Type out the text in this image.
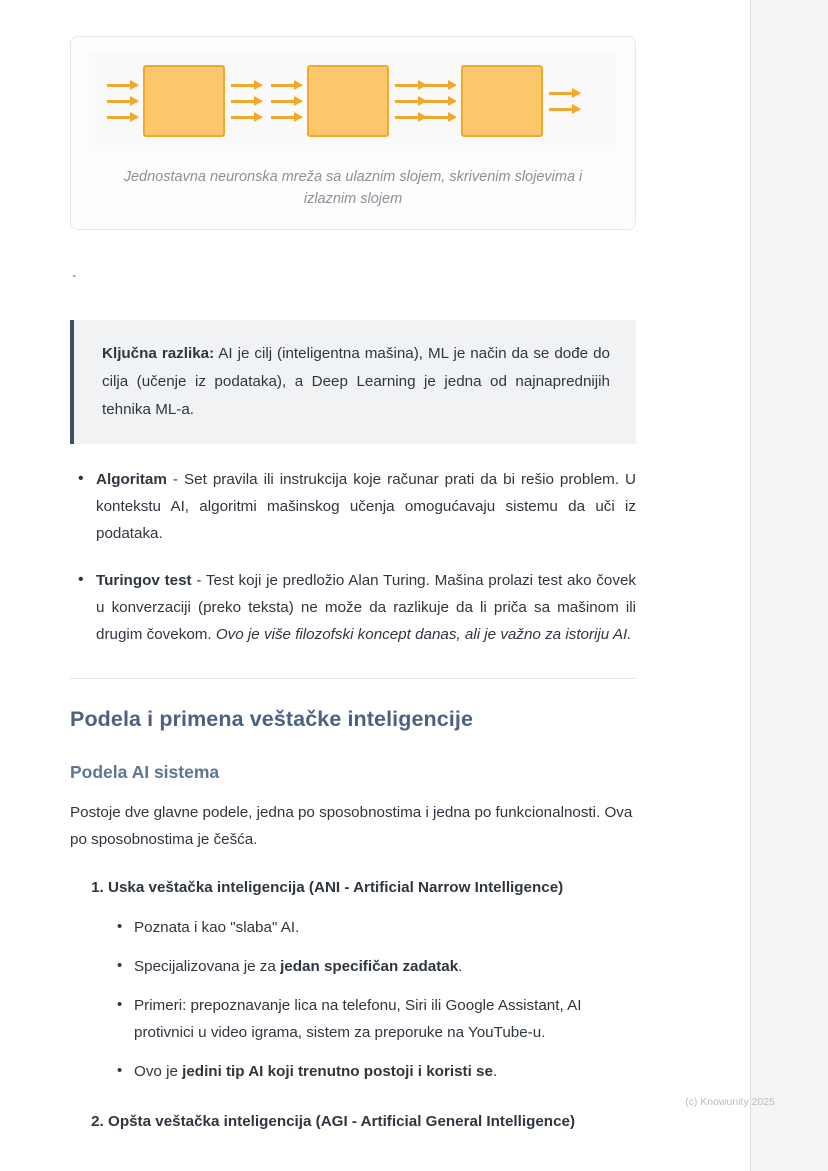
Jednostavna neuronska mreža sa ulaznim slojem, skrivenim slojevima i izlaznim slojem
`

Ključna razlika: AI je cilj (inteligentna mašina), ML je način da se dođe do cilja (učenje iz podataka), a Deep Learning je jedna od najnaprednijih tehnika ML-a.

• Algoritam - Set pravila ili instrukcija koje računar prati da bi rešio problem. U kontekstu AI, algoritmi mašinskog učenja omogućavaju sistemu da uči iz podataka.
• Turingov test - Test koji je predložio Alan Turing. Mašina prolazi test ako čovek u konverzaciji (preko teksta) ne može da razlikuje da li priča sa mašinom ili drugim čovekom. Ovo je više filozofski koncept danas, ali je važno za istoriju AI.
Podela i primena veštačke inteligencije
Podela AI sistema

Postoje dve glavne podele, jedna po sposobnostima i jedna po funkcionalnosti. Ova po sposobnostima je češća.

1. Uska veštačka inteligencija (ANI - Artificial Narrow Intelligence)
• Poznata i kao "slaba" AI.
• Specijalizovana je za jedan specifičan zadatak.
• Primeri: prepoznavanje lica na telefonu, Siri ili Google Assistant, AI protivnici u video igrama, sistem za preporuke na YouTube-u.
• Ovo je jedini tip AI koji trenutno postoji i koristi se.
2. Opšta veštačka inteligencija (AGI - Artificial General Intelligence)
(c) Knowunity 2025
